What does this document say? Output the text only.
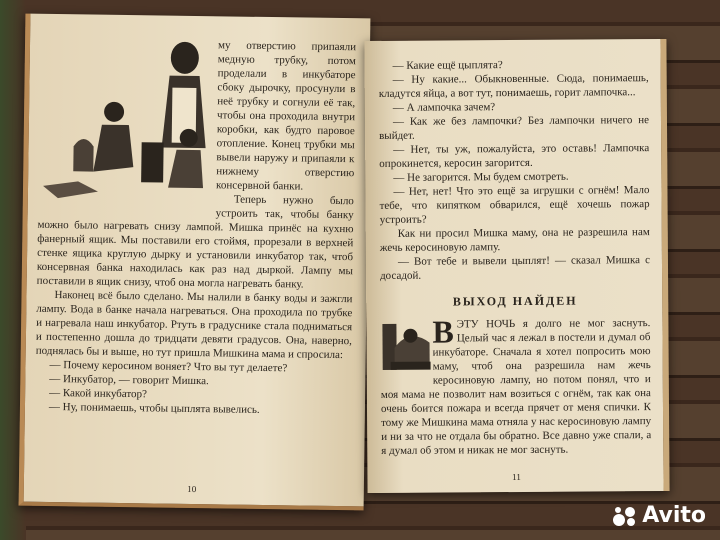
му отверстию припаяли медную трубку, потом проделали в инкубаторе сбоку дырочку, просунули в неё трубку и согнули её так, чтобы она проходила внутри коробки, как будто паровое отопление. Конец трубки мы вывели наружу и припаяли к нижнему отверстию консервной банки.

Теперь нужно было устроить так, чтобы банку можно было нагревать снизу лампой. Мишка принёс на кухню фанерный ящик. Мы поставили его стоймя, прорезали в верхней стенке ящика круглую дырку и установили инкубатор так, чтоб консервная банка находилась как раз над дыркой. Лампу мы поставили в ящик снизу, чтоб она могла нагревать банку.

Наконец всё было сделано. Мы налили в банку воды и зажгли лампу. Вода в банке начала нагреваться. Она проходила по трубке и нагревала наш инкубатор. Ртуть в градуснике стала подниматься и постепенно дошла до тридцати девяти градусов. Она, наверно, поднялась бы и выше, но тут пришла Мишкина мама и спросила:

— Почему керосином воняет? Что вы тут делаете?

— Инкубатор, — говорит Мишка.

— Какой инкубатор?

— Ну, понимаешь, чтобы цыплята вывелись.

10

— Какие ещё цыплята?

— Ну какие... Обыкновенные. Сюда, понимаешь, кладутся яйца, а вот тут, понимаешь, горит лампочка...

— А лампочка зачем?

— Как же без лампочки? Без лампочки ничего не выйдет.

— Нет, ты уж, пожалуйста, это оставь! Лампочка опрокинется, керосин загорится.

— Не загорится. Мы будем смотреть.

— Нет, нет! Что это ещё за игрушки с огнём! Мало тебе, что кипятком обварился, ещё хочешь пожар устроить?

Как ни просил Мишка маму, она не разрешила нам жечь керосиновую лампу.

— Вот тебе и вывели цыплят! — сказал Мишка с досадой.

ВЫХОД НАЙДЕН
В ЭТУ НОЧЬ я долго не мог заснуть. Целый час я лежал в постели и думал об инкубаторе. Сначала я хотел попросить мою маму, чтоб она разрешила нам жечь керосиновую лампу, но потом понял, что и моя мама не позволит нам возиться с огнём, так как она очень боится пожара и всегда прячет от меня спички. К тому же Мишкина мама отняла у нас керосиновую лампу и ни за что не отдала бы обратно. Все давно уже спали, а я думал об этом и никак не мог заснуть.
11
Avito
